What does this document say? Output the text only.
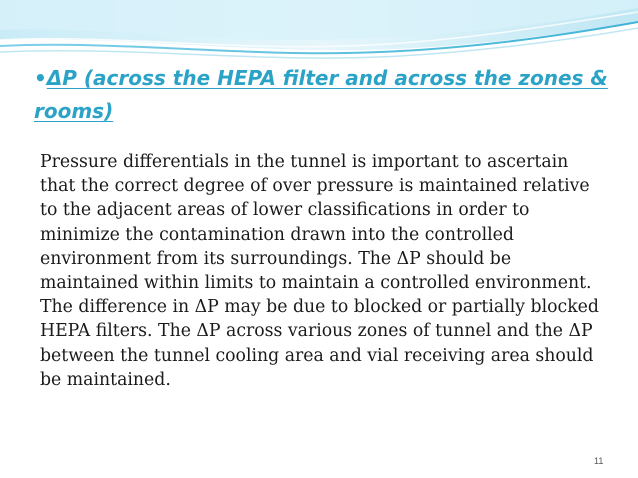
•ΔP (across the HEPA filter and across the zones & rooms)

Pressure differentials in the tunnel is important to ascertain that the correct degree of over pressure is maintained relative to the adjacent areas of lower classifications in order to minimize the contamination drawn into the controlled environment from its surroundings. The ΔP should be maintained within limits to maintain a controlled environment. The difference in ΔP may be due to blocked or partially blocked HEPA filters. The ΔP across various zones of tunnel and the ΔP between the tunnel cooling area and vial receiving area should be maintained.

11
